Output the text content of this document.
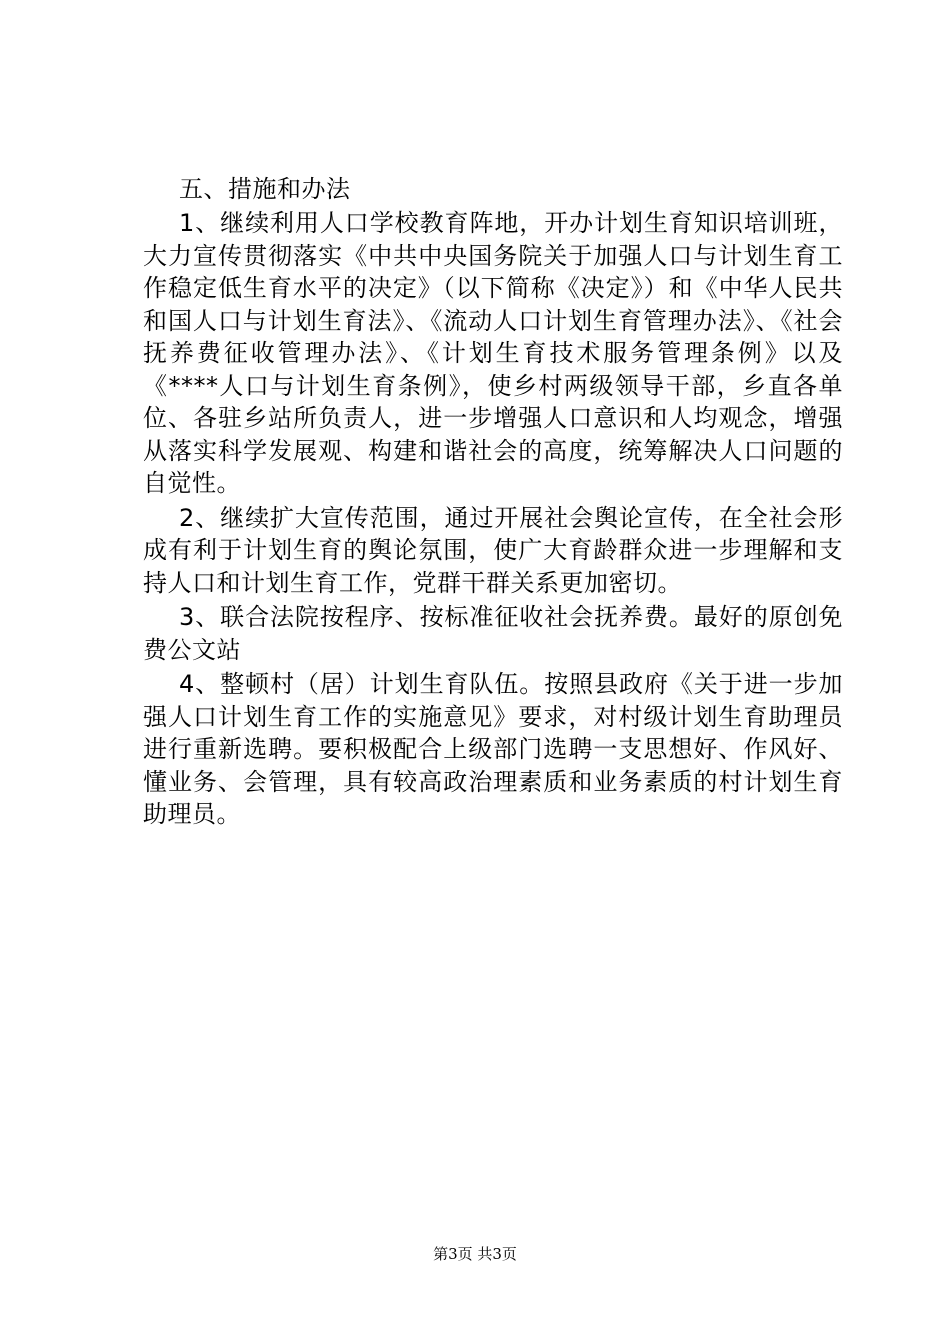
五、措施和办法

1、继续利用人口学校教育阵地，开办计划生育知识培训班，大力宣传贯彻落实《中共中央国务院关于加强人口与计划生育工作稳定低生育水平的决定》（以下简称《决定》）和《中华人民共和国人口与计划生育法》、《流动人口计划生育管理办法》、《社会抚养费征收管理办法》、《计划生育技术服务管理条例》以及《****人口与计划生育条例》，使乡村两级领导干部，乡直各单位、各驻乡站所负责人，进一步增强人口意识和人均观念，增强从落实科学发展观、构建和谐社会的高度，统筹解决人口问题的自觉性。

2、继续扩大宣传范围，通过开展社会舆论宣传，在全社会形成有利于计划生育的舆论氛围，使广大育龄群众进一步理解和支持人口和计划生育工作，党群干群关系更加密切。

3、联合法院按程序、按标准征收社会抚养费。最好的原创免费公文站

4、整顿村（居）计划生育队伍。按照县政府《关于进一步加强人口计划生育工作的实施意见》要求，对村级计划生育助理员进行重新选聘。要积极配合上级部门选聘一支思想好、作风好、懂业务、会管理，具有较高政治理素质和业务素质的村计划生育助理员。

第3页 共3页
